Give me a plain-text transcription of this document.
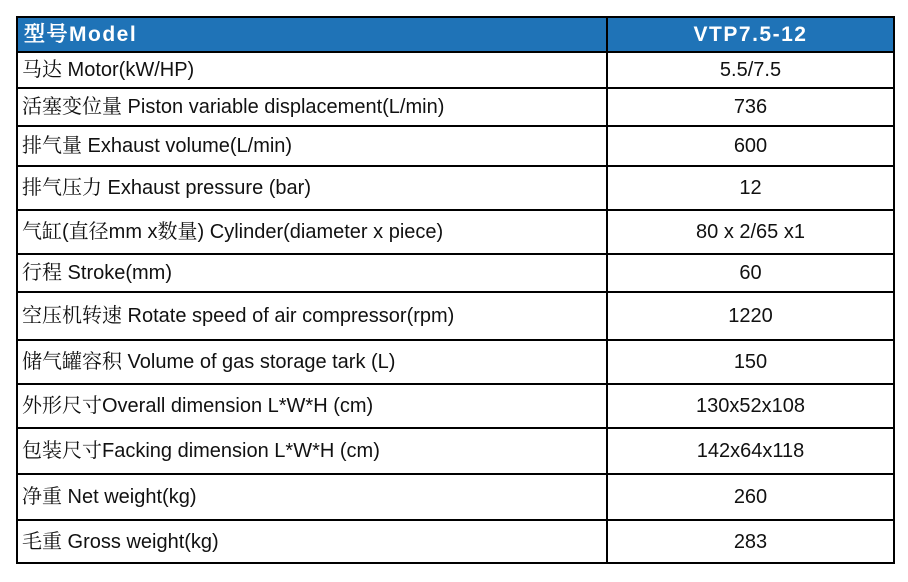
型号Model	VTP7.5-12
马达 Motor(kW/HP)	5.5/7.5
活塞变位量 Piston variable displacement(L/min)	736
排气量 Exhaust volume(L/min)	600
排气压力 Exhaust pressure (bar)	12
气缸(直径mm x数量) Cylinder(diameter x piece)	80 x 2/65 x1
行程 Stroke(mm)	60
空压机转速 Rotate speed of air compressor(rpm)	1220
储气罐容积 Volume of gas storage tark (L)	150
外形尺寸Overall dimension L*W*H (cm)	130x52x108
包装尺寸Facking dimension L*W*H (cm)	142x64x118
净重 Net weight(kg)	260
毛重 Gross weight(kg)	283
